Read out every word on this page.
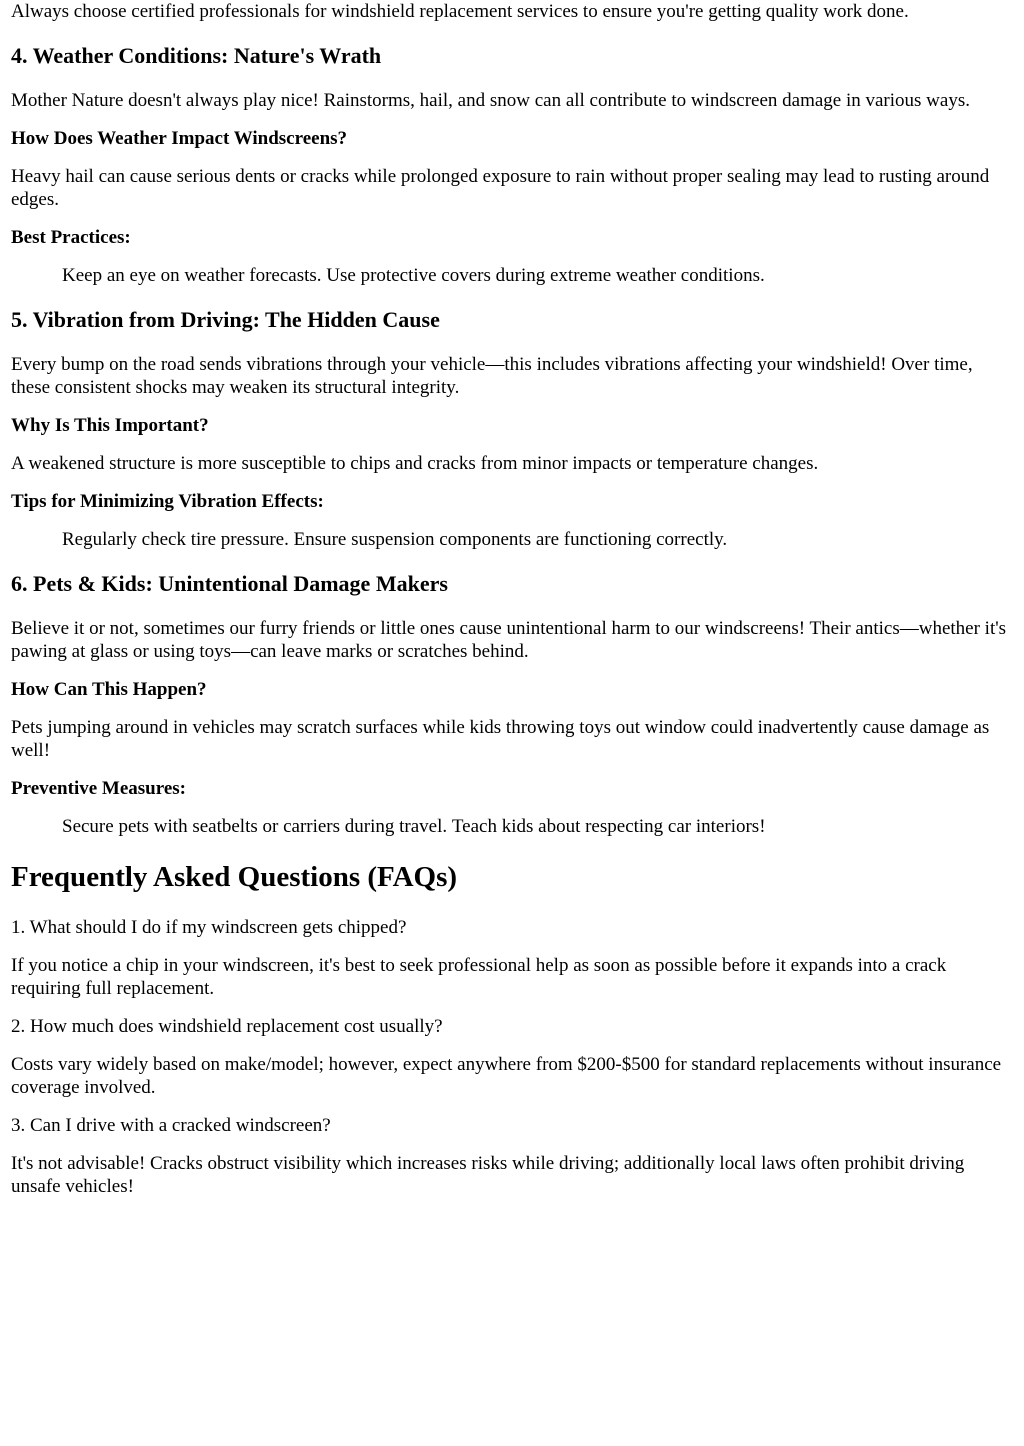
Always choose certified professionals for windshield replacement services to ensure you're getting quality work done.

4. Weather Conditions: Nature's Wrath

Mother Nature doesn't always play nice! Rainstorms, hail, and snow can all contribute to windscreen damage in various ways.

How Does Weather Impact Windscreens?

Heavy hail can cause serious dents or cracks while prolonged exposure to rain without proper sealing may lead to rusting around edges.

Best Practices:
Keep an eye on weather forecasts. Use protective covers during extreme weather conditions.
5. Vibration from Driving: The Hidden Cause

Every bump on the road sends vibrations through your vehicle—this includes vibrations affecting your windshield! Over time, these consistent shocks may weaken its structural integrity.

Why Is This Important?

A weakened structure is more susceptible to chips and cracks from minor impacts or temperature changes.

Tips for Minimizing Vibration Effects:
Regularly check tire pressure. Ensure suspension components are functioning correctly.
6. Pets & Kids: Unintentional Damage Makers

Believe it or not, sometimes our furry friends or little ones cause unintentional harm to our windscreens! Their antics—whether it's pawing at glass or using toys—can leave marks or scratches behind.

How Can This Happen?

Pets jumping around in vehicles may scratch surfaces while kids throwing toys out window could inadvertently cause damage as well!

Preventive Measures:
Secure pets with seatbelts or carriers during travel. Teach kids about respecting car interiors!
Frequently Asked Questions (FAQs)

1. What should I do if my windscreen gets chipped?

If you notice a chip in your windscreen, it's best to seek professional help as soon as possible before it expands into a crack requiring full replacement.

2. How much does windshield replacement cost usually?

Costs vary widely based on make/model; however, expect anywhere from $200-$500 for standard replacements without insurance coverage involved.

3. Can I drive with a cracked windscreen?

It's not advisable! Cracks obstruct visibility which increases risks while driving; additionally local laws often prohibit driving unsafe vehicles!
